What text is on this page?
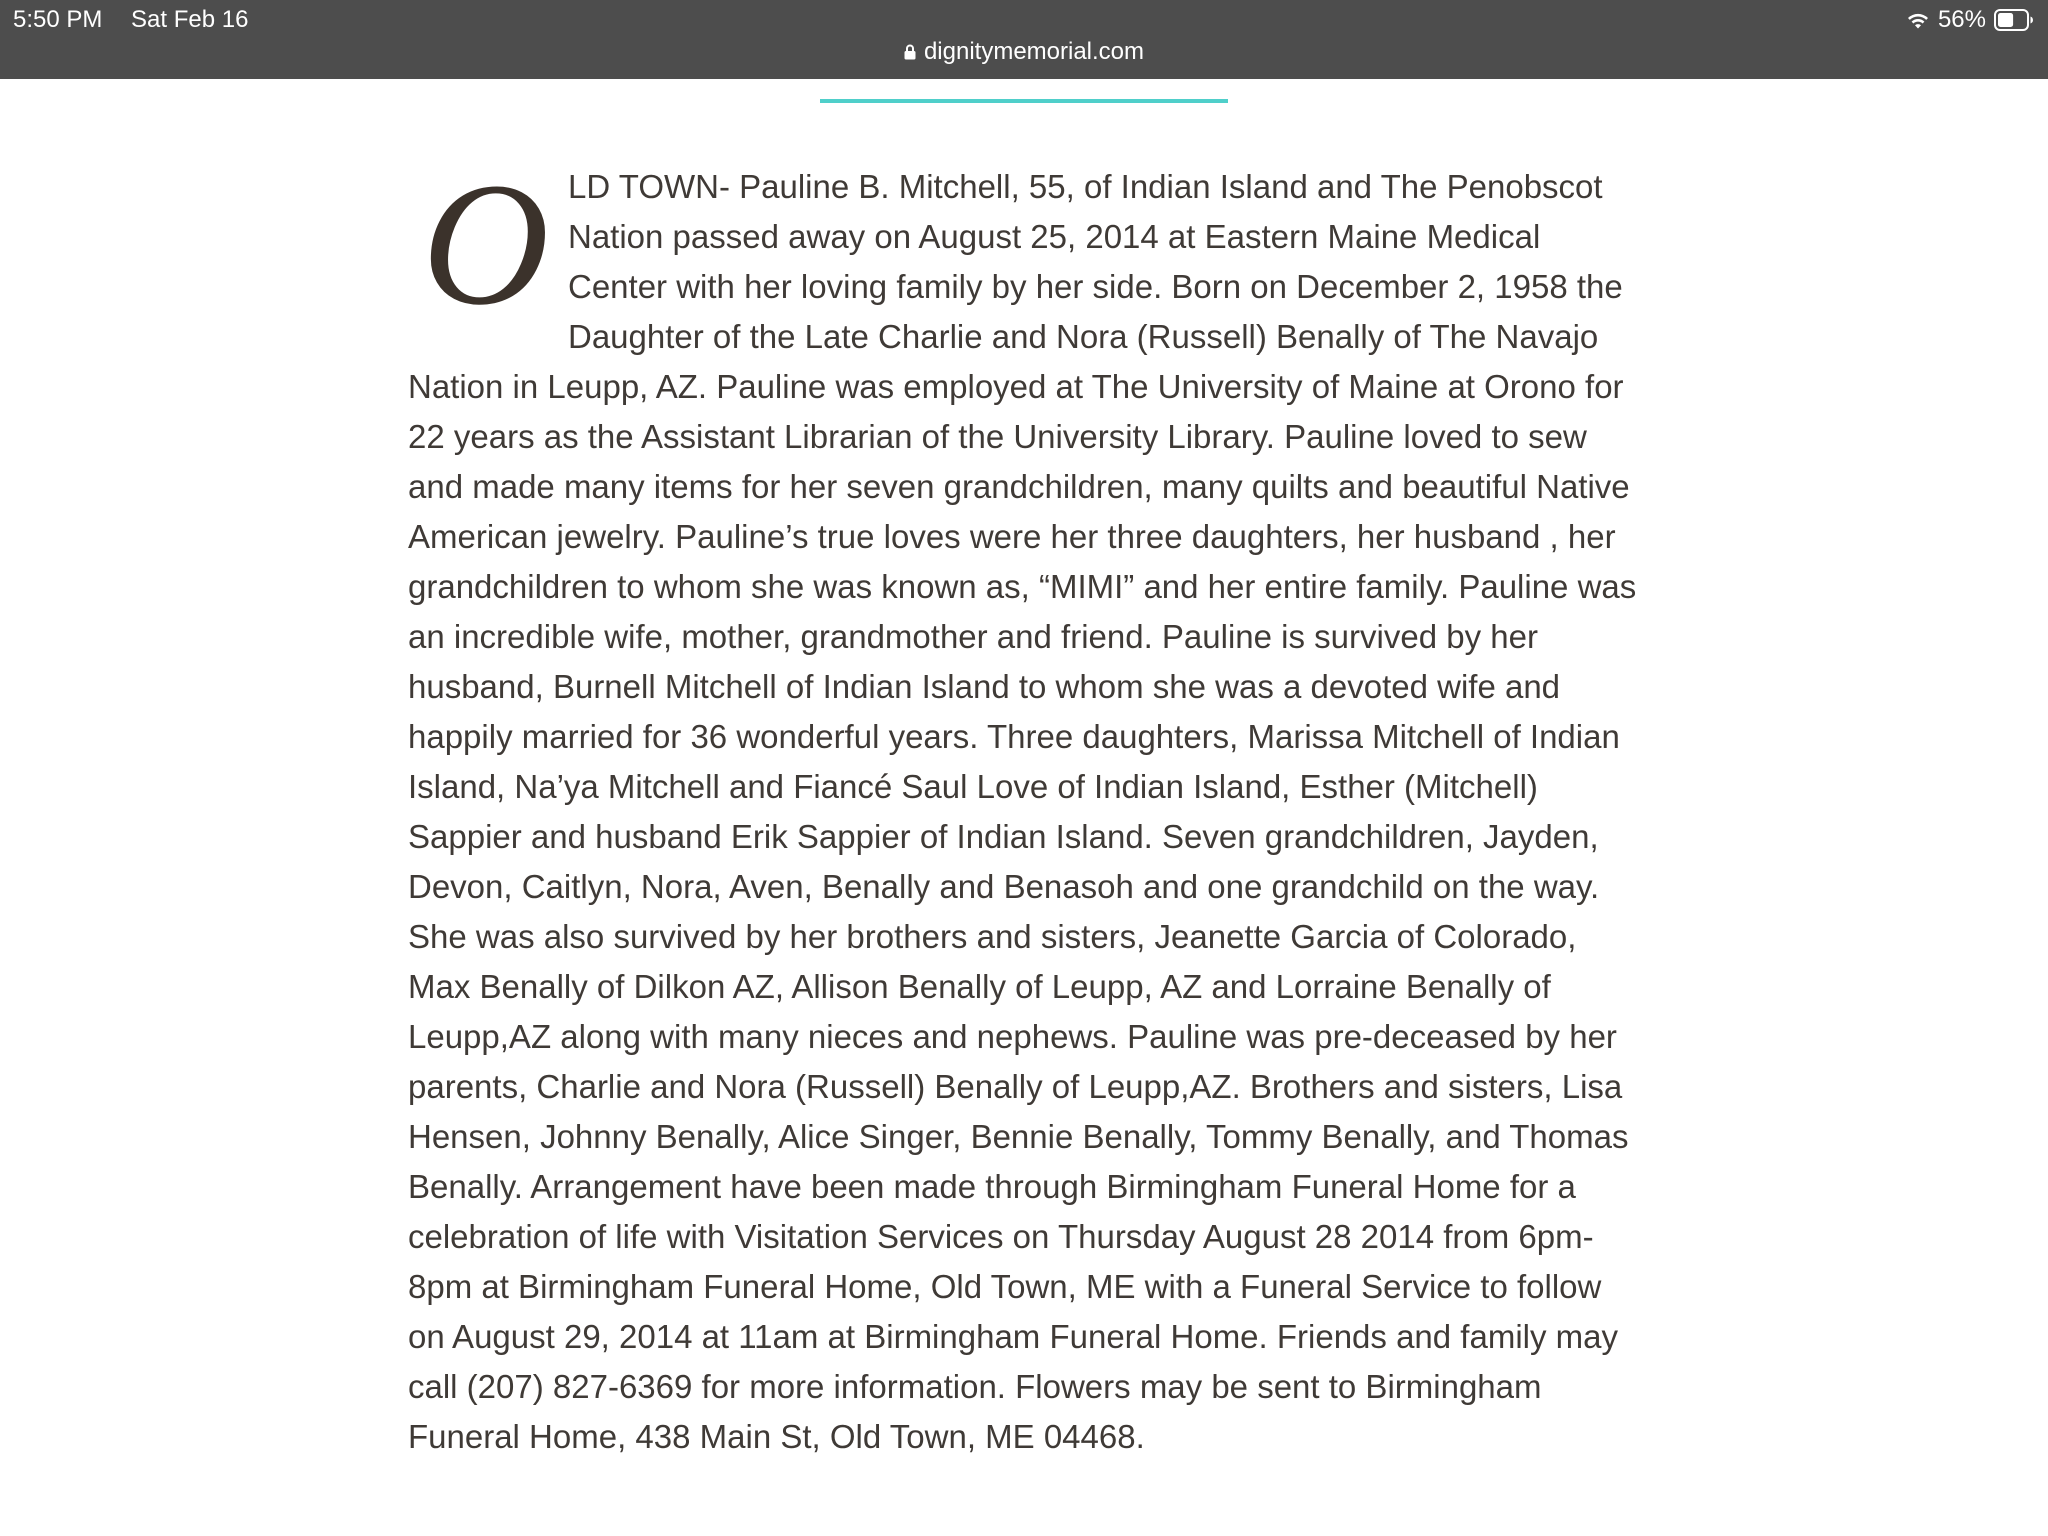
5:50 PM Sat Feb 16	56%
dignitymemorial.com

O LD TOWN- Pauline B. Mitchell, 55, of Indian Island and The Penobscot Nation passed away on August 25, 2014 at Eastern Maine Medical Center with her loving family by her side. Born on December 2, 1958 the Daughter of the Late Charlie and Nora (Russell) Benally of The Navajo Nation in Leupp, AZ. Pauline was employed at The University of Maine at Orono for 22 years as the Assistant Librarian of the University Library. Pauline loved to sew and made many items for her seven grandchildren, many quilts and beautiful Native American jewelry. Pauline’s true loves were her three daughters, her husband , her grandchildren to whom she was known as, “MIMI” and her entire family. Pauline was an incredible wife, mother, grandmother and friend. Pauline is survived by her husband, Burnell Mitchell of Indian Island to whom she was a devoted wife and happily married for 36 wonderful years. Three daughters, Marissa Mitchell of Indian Island, Na’ya Mitchell and Fiancé Saul Love of Indian Island, Esther (Mitchell) Sappier and husband Erik Sappier of Indian Island. Seven grandchildren, Jayden, Devon, Caitlyn, Nora, Aven, Benally and Benasoh and one grandchild on the way. She was also survived by her brothers and sisters, Jeanette Garcia of Colorado, Max Benally of Dilkon AZ, Allison Benally of Leupp, AZ and Lorraine Benally of Leupp,AZ along with many nieces and nephews. Pauline was pre-deceased by her parents, Charlie and Nora (Russell) Benally of Leupp,AZ. Brothers and sisters, Lisa Hensen, Johnny Benally, Alice Singer, Bennie Benally, Tommy Benally, and Thomas Benally. Arrangement have been made through Birmingham Funeral Home for a celebration of life with Visitation Services on Thursday August 28 2014 from 6pm-8pm at Birmingham Funeral Home, Old Town, ME with a Funeral Service to follow on August 29, 2014 at 11am at Birmingham Funeral Home. Friends and family may call (207) 827-6369 for more information. Flowers may be sent to Birmingham Funeral Home, 438 Main St, Old Town, ME 04468.
